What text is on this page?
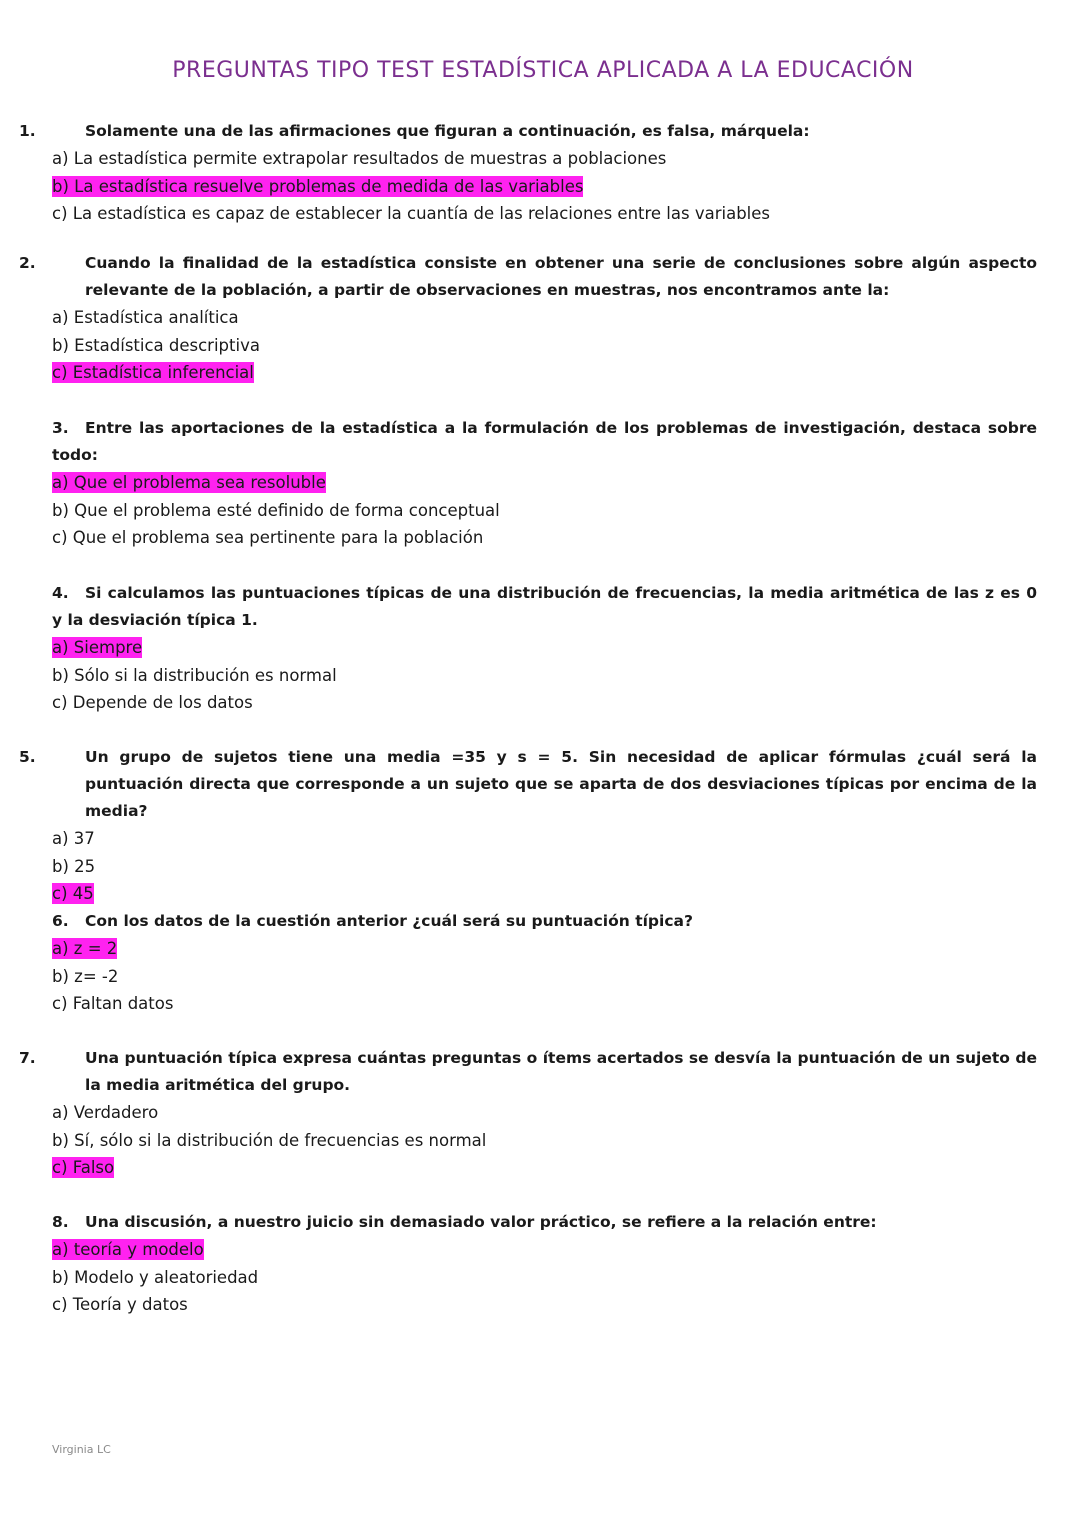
PREGUNTAS TIPO TEST ESTADÍSTICA APLICADA A LA EDUCACIÓN

1.	Solamente una de las afirmaciones que figuran a continuación, es falsa, márquela:

a) La estadística permite extrapolar resultados de muestras a poblaciones

b) La estadística resuelve problemas de medida de las variables

c) La estadística es capaz de establecer la cuantía de las relaciones entre las variables

2.	Cuando la finalidad de la estadística consiste en obtener una serie de conclusiones sobre algún aspecto relevante de la población, a partir de observaciones en muestras, nos encontramos ante la:

a) Estadística analítica

b) Estadística descriptiva

c) Estadística inferencial

3. Entre las aportaciones de la estadística a la formulación de los problemas de investigación, destaca sobre todo:

a) Que el problema sea resoluble

b) Que el problema esté definido de forma conceptual

c) Que el problema sea pertinente para la población

4. Si calculamos las puntuaciones típicas de una distribución de frecuencias, la media aritmética de las z es 0 y la desviación típica 1.

a) Siempre

b) Sólo si la distribución es normal

c) Depende de los datos

5.	Un grupo de sujetos tiene una media =35 y s = 5. Sin necesidad de aplicar fórmulas ¿cuál será la puntuación directa que corresponde a un sujeto que se aparta de dos desviaciones típicas por encima de la media?

a) 37

b) 25

c) 45

6. Con los datos de la cuestión anterior ¿cuál será su puntuación típica?

a) z = 2

b) z= -2

c) Faltan datos

7.	Una puntuación típica expresa cuántas preguntas o ítems acertados se desvía la puntuación de un sujeto de la media aritmética del grupo.

a) Verdadero

b) Sí, sólo si la distribución de frecuencias es normal

c) Falso

8. Una discusión, a nuestro juicio sin demasiado valor práctico, se refiere a la relación entre:

a) teoría y modelo

b) Modelo y aleatoriedad

c) Teoría y datos

Virginia LC
